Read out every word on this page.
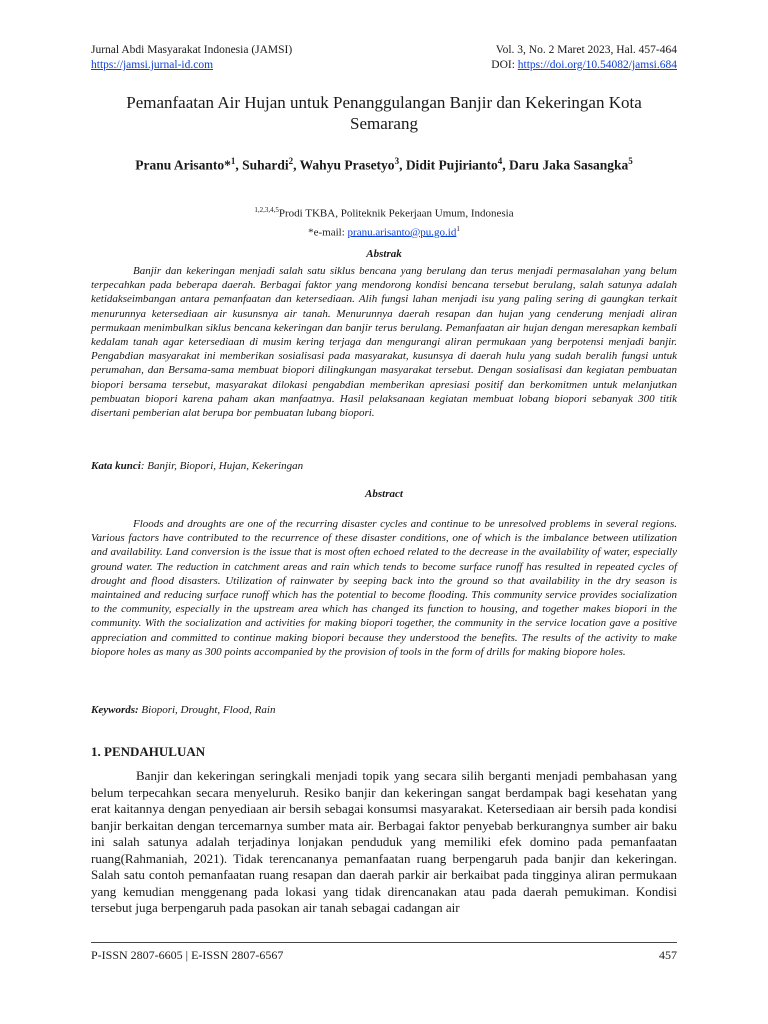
Jurnal Abdi Masyarakat Indonesia (JAMSI)	Vol. 3, No. 2 Maret 2023, Hal. 457-464
https://jamsi.jurnal-id.com	DOI: https://doi.org/10.54082/jamsi.684
Pemanfaatan Air Hujan untuk Penanggulangan Banjir dan Kekeringan Kota Semarang
Pranu Arisanto*$^1$, Suhardi$^2$, Wahyu Prasetyo$^3$, Didit Pujirianto$^4$, Daru Jaka Sasangka$^5$
$^{1,2,3,4,5}$Prodi TKBA, Politeknik Pekerjaan Umum, Indonesia
*e-mail: $pranu.arisanto@pu.go.id^1$
Abstrak
Banjir dan kekeringan menjadi salah satu siklus bencana yang berulang dan terus menjadi permasalahan yang belum terpecahkan pada beberapa daerah. Berbagai faktor yang mendorong kondisi bencana tersebut berulang, salah satunya adalah ketidakseimbangan antara pemanfaatan dan ketersediaan. Alih fungsi lahan menjadi isu yang paling sering di gaungkan terkait menurunnya ketersediaan air kusunsnya air tanah. Menurunnya daerah resapan dan hujan yang cenderung menjadi aliran permukaan menimbulkan siklus bencana kekeringan dan banjir terus berulang. Pemanfaatan air hujan dengan meresapkan kembali kedalam tanah agar ketersediaan di musim kering terjaga dan mengurangi aliran permukaan yang berpotensi menjadi banjir. Pengabdian masyarakat ini memberikan sosialisasi pada masyarakat, kusunsya di daerah hulu yang sudah beralih fungsi untuk perumahan, dan Bersama-sama membuat biopori dilingkungan masyarakat tersebut. Dengan sosialisasi dan kegiatan pembuatan biopori bersama tersebut, masyarakat dilokasi pengabdian memberikan apresiasi positif dan berkomitmen untuk melanjutkan pembuatan biopori karena paham akan manfaatnya. Hasil pelaksanaan kegiatan membuat lobang biopori sebanyak 300 titik disertani pemberian alat berupa bor pembuatan lubang biopori.
Kata kunci: Banjir, Biopori, Hujan, Kekeringan
Abstract
Floods and droughts are one of the recurring disaster cycles and continue to be unresolved problems in several regions. Various factors have contributed to the recurrence of these disaster conditions, one of which is the imbalance between utilization and availability. Land conversion is the issue that is most often echoed related to the decrease in the availability of water, especially ground water. The reduction in catchment areas and rain which tends to become surface runoff has resulted in repeated cycles of drought and flood disasters. Utilization of rainwater by seeping back into the ground so that availability in the dry season is maintained and reducing surface runoff which has the potential to become flooding. This community service provides socialization to the community, especially in the upstream area which has changed its function to housing, and together makes biopori in the community. With the socialization and activities for making biopori together, the community in the service location gave a positive appreciation and committed to continue making biopori because they understood the benefits. The results of the activity to make biopore holes as many as 300 points accompanied by the provision of tools in the form of drills for making biopore holes.
Keywords: Biopori, Drought, Flood, Rain
1. PENDAHULUAN
Banjir dan kekeringan seringkali menjadi topik yang secara silih berganti menjadi pembahasan yang belum terpecahkan secara menyeluruh. Resiko banjir dan kekeringan sangat berdampak bagi kesehatan yang erat kaitannya dengan penyediaan air bersih sebagai konsumsi masyarakat. Ketersediaan air bersih pada kondisi banjir berkaitan dengan tercemarnya sumber mata air. Berbagai faktor penyebab berkurangnya sumber air baku ini salah satunya adalah terjadinya lonjakan penduduk yang memiliki efek domino pada pemanfaatan ruang(Rahmaniah, 2021). Tidak terencananya pemanfaatan ruang berpengaruh pada banjir dan kekeringan. Salah satu contoh pemanfaatan ruang resapan dan daerah parkir air berkaibat pada tingginya aliran permukaan yang kemudian menggenang pada lokasi yang tidak direncanakan atau pada daerah pemukiman. Kondisi tersebut juga berpengaruh pada pasokan air tanah sebagai cadangan air
P-ISSN 2807-6605 | E-ISSN 2807-6567	457
